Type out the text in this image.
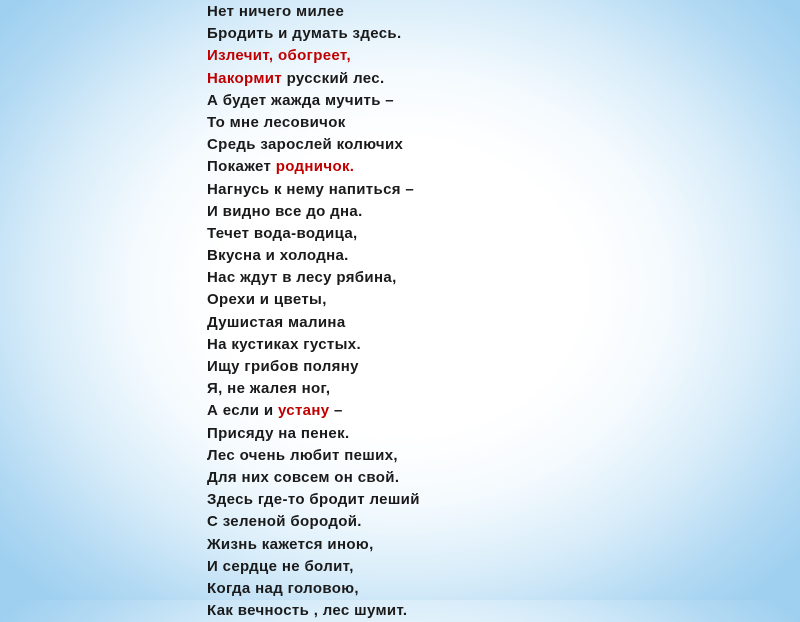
Нет ничего милее
Бродить и думать здесь.
Излечит, обогреет,
Накормит русский лес.
А будет жажда мучить –
То мне лесовичок
Средь зарослей колючих
Покажет родничок.
Нагнусь к нему напиться –
И видно все до дна.
Течет вода-водица,
Вкусна и холодна.
Нас ждут в лесу рябина,
Орехи и цветы,
Душистая малина
На кустиках густых.
Ищу грибов поляну
Я, не жалея ног,
А если и устану –
Присяду на пенек.
Лес очень любит пеших,
Для них совсем он свой.
Здесь где-то бродит леший
С зеленой бородой.
Жизнь кажется иною,
И сердце не болит,
Когда над головою,
Как вечность , лес шумит.
